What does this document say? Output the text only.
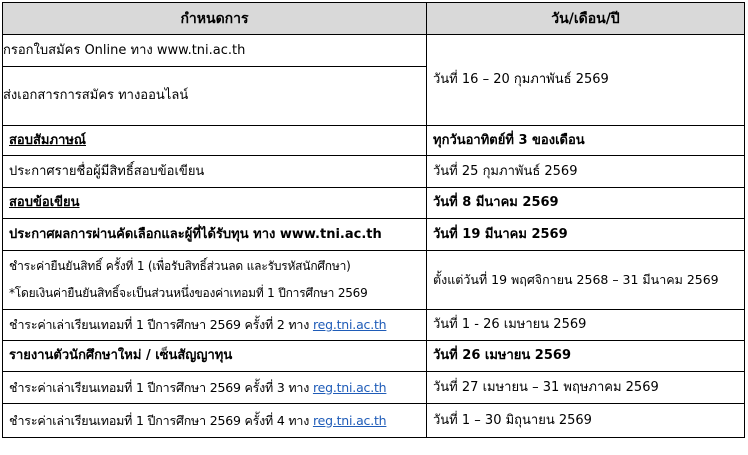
กำหนดการ	วัน/เดือน/ปี

กรอกใบสมัคร Online ทาง www.tni.ac.th
ส่งเอกสารการสมัคร ทางออนไลน์	วันที่ 16 – 20 กุมภาพันธ์ 2569
สอบสัมภาษณ์	ทุกวันอาทิตย์ที่ 3 ของเดือน
ประกาศรายชื่อผู้มีสิทธิ์สอบข้อเขียน	วันที่ 25 กุมภาพันธ์ 2569
สอบข้อเขียน	วันที่ 8 มีนาคม 2569
ประกาศผลการผ่านคัดเลือกและผู้ที่ได้รับทุน ทาง www.tni.ac.th	วันที่ 19 มีนาคม 2569

ชำระค่ายืนยันสิทธิ์ ครั้งที่ 1 (เพื่อรับสิทธิ์ส่วนลด และรับรหัสนักศึกษา)
*โดยเงินค่ายืนยันสิทธิ์จะเป็นส่วนหนึ่งของค่าเทอมที่ 1 ปีการศึกษา 2569	ตั้งแต่วันที่ 19 พฤศจิกายน 2568 – 31 มีนาคม 2569
ชำระค่าเล่าเรียนเทอมที่ 1 ปีการศึกษา 2569 ครั้งที่ 2 ทาง reg.tni.ac.th	วันที่ 1 - 26 เมษายน 2569
รายงานตัวนักศึกษาใหม่ / เซ็นสัญญาทุน	วันที่ 26 เมษายน 2569
ชำระค่าเล่าเรียนเทอมที่ 1 ปีการศึกษา 2569 ครั้งที่ 3 ทาง reg.tni.ac.th	วันที่ 27 เมษายน – 31 พฤษภาคม 2569
ชำระค่าเล่าเรียนเทอมที่ 1 ปีการศึกษา 2569 ครั้งที่ 4 ทาง reg.tni.ac.th	วันที่ 1 – 30 มิถุนายน 2569
